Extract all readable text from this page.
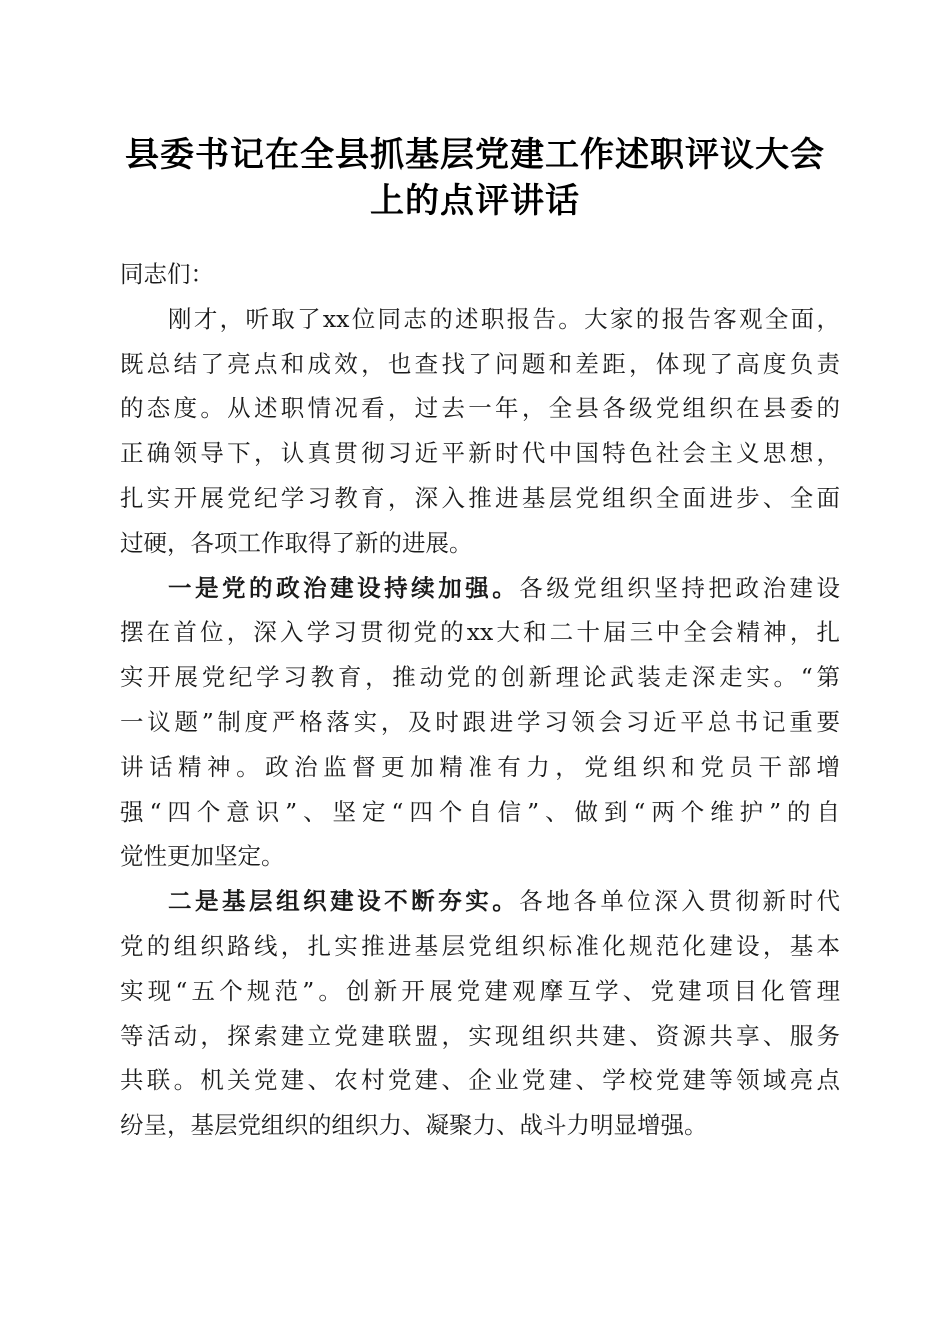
县委书记在全县抓基层党建工作述职评议大会
上的点评讲话
同志们：
刚才，听取了xx位同志的述职报告。大家的报告客观全面，
既总结了亮点和成效，也查找了问题和差距，体现了高度负责
的态度。从述职情况看，过去一年，全县各级党组织在县委的
正确领导下，认真贯彻习近平新时代中国特色社会主义思想，
扎实开展党纪学习教育，深入推进基层党组织全面进步、全面
过硬，各项工作取得了新的进展。
一是党的政治建设持续加强。各级党组织坚持把政治建设
摆在首位，深入学习贯彻党的xx大和二十届三中全会精神，扎
实开展党纪学习教育，推动党的创新理论武装走深走实。“第
一议题”制度严格落实，及时跟进学习领会习近平总书记重要
讲话精神。政治监督更加精准有力，党组织和党员干部增
强“四个意识”、坚定“四个自信”、做到“两个维护”的自
觉性更加坚定。
二是基层组织建设不断夯实。各地各单位深入贯彻新时代
党的组织路线，扎实推进基层党组织标准化规范化建设，基本
实现“五个规范”。创新开展党建观摩互学、党建项目化管理
等活动，探索建立党建联盟，实现组织共建、资源共享、服务
共联。机关党建、农村党建、企业党建、学校党建等领域亮点
纷呈，基层党组织的组织力、凝聚力、战斗力明显增强。
